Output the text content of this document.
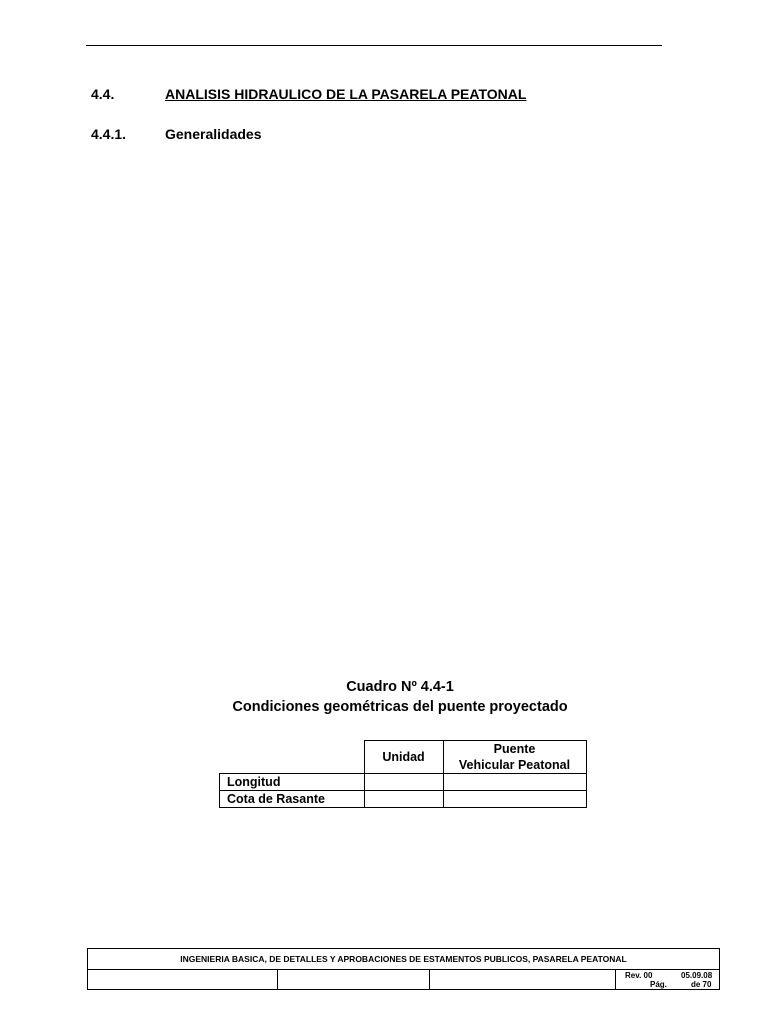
4.4.	ANALISIS HIDRAULICO DE LA PASARELA PEATONAL
4.4.1.	Generalidades
Cuadro Nº 4.4-1
Condiciones geométricas del puente proyectado
	Unidad	Puente
Vehicular Peatonal
Longitud		
Cota de Rasante		
INGENIERIA BASICA, DE DETALLES Y APROBACIONES DE ESTAMENTOS PUBLICOS, PASARELA PEATONAL
Rev. 00	05.09.08
Pág.	de 70
